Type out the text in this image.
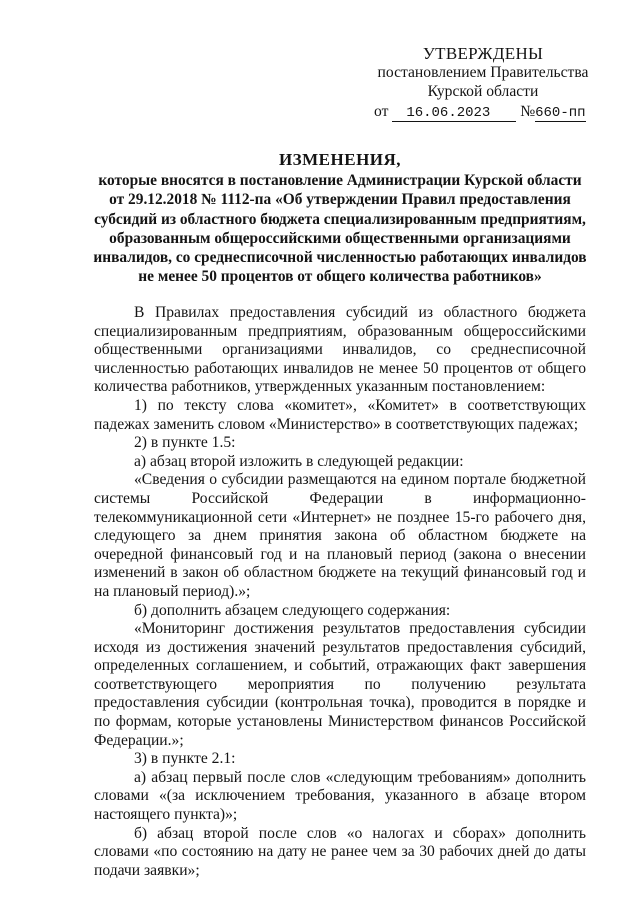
УТВЕРЖДЕНЫ
постановлением Правительства
Курской области
от 16.06.2023 №660-пп
ИЗМЕНЕНИЯ,
которые вносятся в постановление Администрации Курской области
от 29.12.2018 № 1112-па «Об утверждении Правил предоставления
субсидий из областного бюджета специализированным предприятиям,
образованным общероссийскими общественными организациями
инвалидов, со среднесписочной численностью работающих инвалидов
не менее 50 процентов от общего количества работников»

В Правилах предоставления субсидий из областного бюджета специализированным предприятиям, образованным общероссийскими общественными организациями инвалидов, со среднесписочной численностью работающих инвалидов не менее 50 процентов от общего количества работников, утвержденных указанным постановлением:

1) по тексту слова «комитет», «Комитет» в соответствующих падежах заменить словом «Министерство» в соответствующих падежах;

2) в пункте 1.5:

а) абзац второй изложить в следующей редакции:

«Сведения о субсидии размещаются на едином портале бюджетной системы Российской Федерации в информационно-телекоммуникационной сети «Интернет» не позднее 15-го рабочего дня, следующего за днем принятия закона об областном бюджете на очередной финансовый год и на плановый период (закона о внесении изменений в закон об областном бюджете на текущий финансовый год и на плановый период).»;

б) дополнить абзацем следующего содержания:

«Мониторинг достижения результатов предоставления субсидии исходя из достижения значений результатов предоставления субсидий, определенных соглашением, и событий, отражающих факт завершения соответствующего мероприятия по получению результата предоставления субсидии (контрольная точка), проводится в порядке и по формам, которые установлены Министерством финансов Российской Федерации.»;

3) в пункте 2.1:

а) абзац первый после слов «следующим требованиям» дополнить словами «(за исключением требования, указанного в абзаце втором настоящего пункта)»;

б) абзац второй после слов «о налогах и сборах» дополнить словами «по состоянию на дату не ранее чем за 30 рабочих дней до даты подачи заявки»;
